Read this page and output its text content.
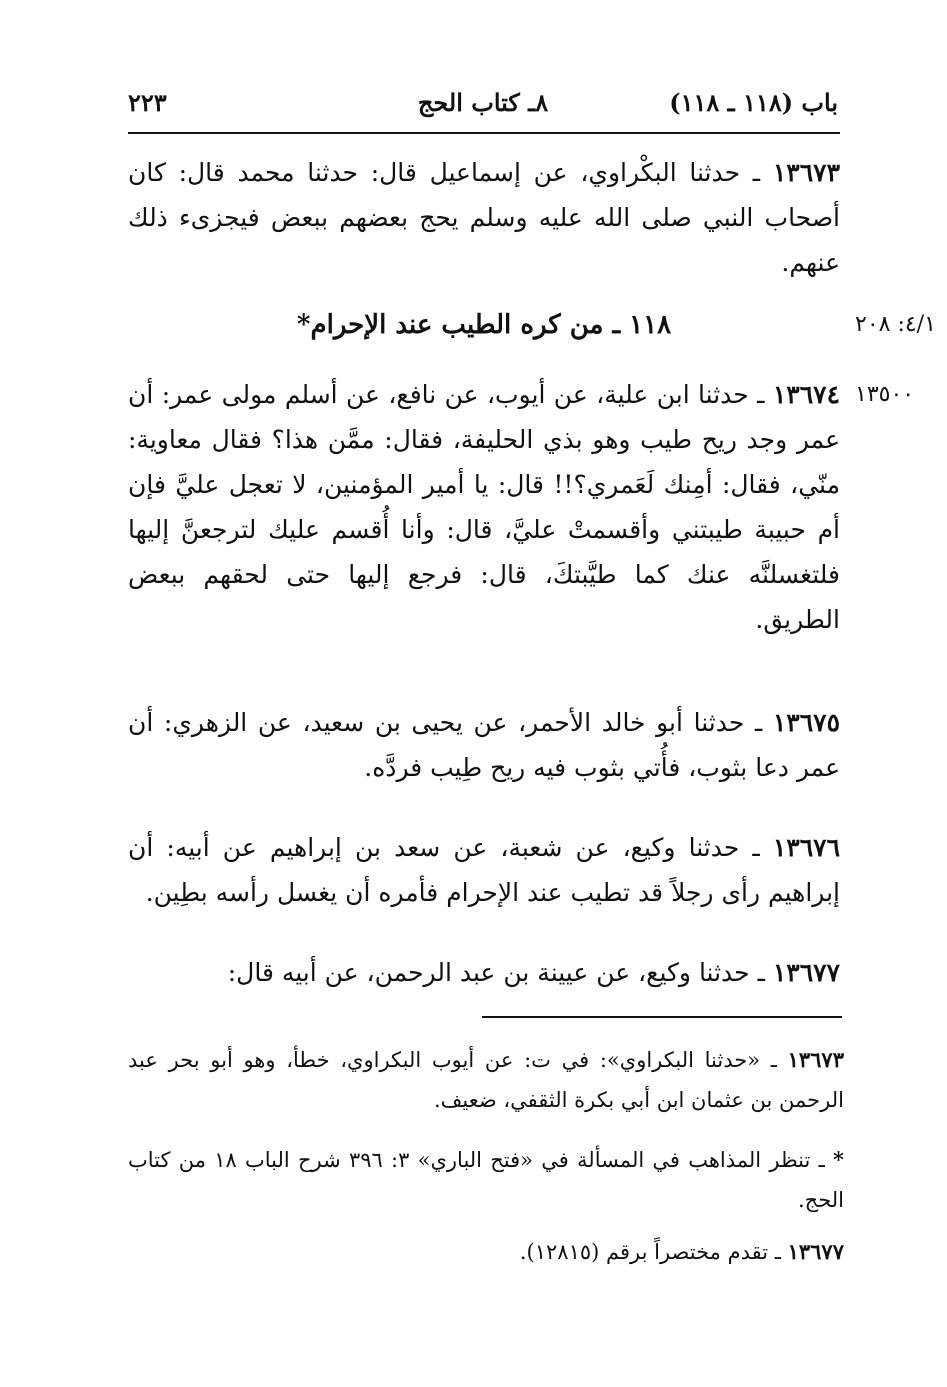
باب (١١٨ ـ ١١٨)
٨ـ كتاب الحج
٢٢٣

١٣٦٧٣ ـ حدثنا البكْراوي، عن إسماعيل قال: حدثنا محمد قال: كان أصحاب النبي صلى الله عليه وسلم يحج بعضهم ببعض فيجزىء ذلك عنهم.

٤/١: ٢٠٨
١١٨ ـ من كره الطيب عند الإحرام*
١٣٥٠٠

١٣٦٧٤ ـ حدثنا ابن علية، عن أيوب، عن نافع، عن أسلم مولى عمر: أن عمر وجد ريح طيب وهو بذي الحليفة، فقال: ممَّن هذا؟ فقال معاوية: منّي، فقال: أمِنك لَعَمري؟!! قال: يا أمير المؤمنين، لا تعجل عليَّ فإن أم حبيبة طيبتني وأقسمتْ عليَّ، قال: وأنا أُقسم عليك لترجعنَّ إليها فلتغسلنَّه عنك كما طيَّبتكَ، قال: فرجع إليها حتى لحقهم ببعض الطريق.

١٣٦٧٥ ـ حدثنا أبو خالد الأحمر، عن يحيى بن سعيد، عن الزهري: أن عمر دعا بثوب، فأُتي بثوب فيه ريح طِيب فردَّه.

١٣٦٧٦ ـ حدثنا وكيع، عن شعبة، عن سعد بن إبراهيم عن أبيه: أن إبراهيم رأى رجلاً قد تطيب عند الإحرام فأمره أن يغسل رأسه بطِين.

١٣٦٧٧ ـ حدثنا وكيع، عن عيينة بن عبد الرحمن، عن أبيه قال:

١٣٦٧٣ ـ «حدثنا البكراوي»: في ت: عن أيوب البكراوي، خطأ، وهو أبو بحر عبد الرحمن بن عثمان ابن أبي بكرة الثقفي، ضعيف.

* ـ تنظر المذاهب في المسألة في «فتح الباري» ٣: ٣٩٦ شرح الباب ١٨ من كتاب الحج.

١٣٦٧٧ ـ تقدم مختصراً برقم (١٢٨١٥).
